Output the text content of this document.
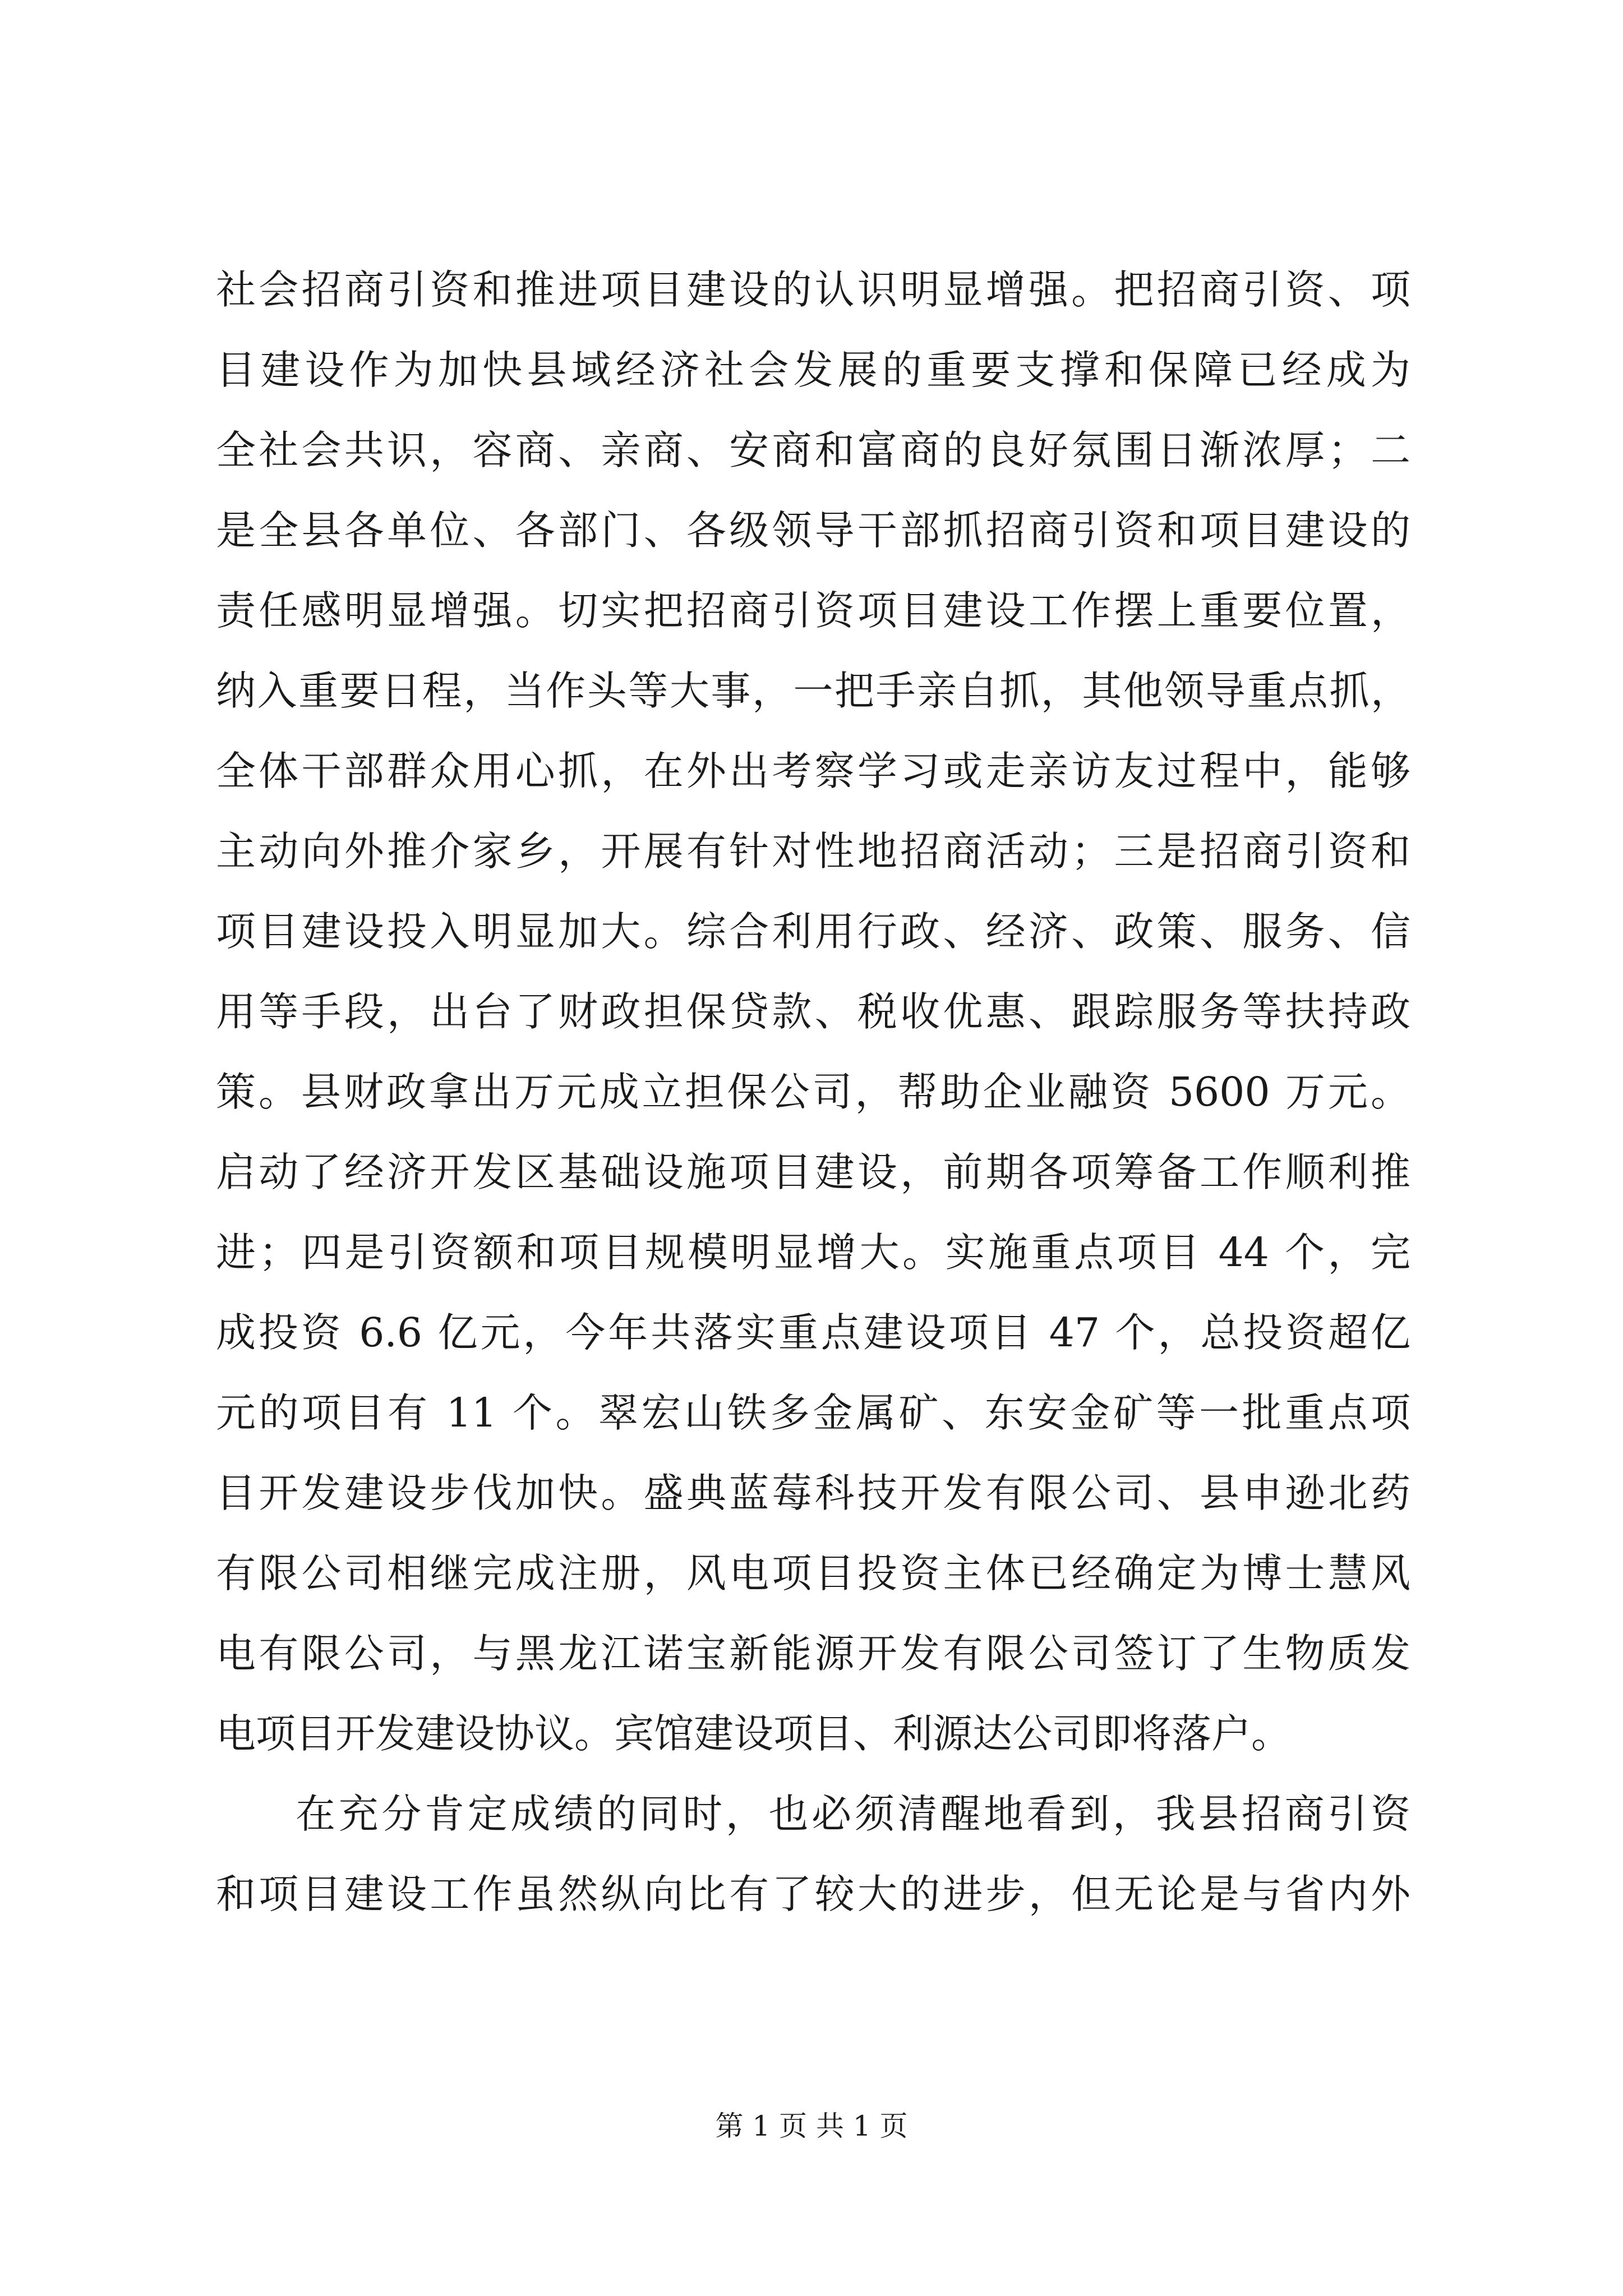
社会招商引资和推进项目建设的认识明显增强。把招商引资、项
目建设作为加快县域经济社会发展的重要支撑和保障已经成为
全社会共识，容商、亲商、安商和富商的良好氛围日渐浓厚；二
是全县各单位、各部门、各级领导干部抓招商引资和项目建设的
责任感明显增强。切实把招商引资项目建设工作摆上重要位置，
纳入重要日程，当作头等大事，一把手亲自抓，其他领导重点抓，
全体干部群众用心抓，在外出考察学习或走亲访友过程中，能够
主动向外推介家乡，开展有针对性地招商活动；三是招商引资和
项目建设投入明显加大。综合利用行政、经济、政策、服务、信
用等手段，出台了财政担保贷款、税收优惠、跟踪服务等扶持政
策。县财政拿出万元成立担保公司，帮助企业融资 5600 万元。
启动了经济开发区基础设施项目建设，前期各项筹备工作顺利推
进；四是引资额和项目规模明显增大。实施重点项目 44 个，完
成投资 6.6 亿元，今年共落实重点建设项目 47 个，总投资超亿
元的项目有 11 个。翠宏山铁多金属矿、东安金矿等一批重点项
目开发建设步伐加快。盛典蓝莓科技开发有限公司、县申逊北药
有限公司相继完成注册，风电项目投资主体已经确定为博士慧风
电有限公司，与黑龙江诺宝新能源开发有限公司签订了生物质发
电项目开发建设协议。宾馆建设项目、利源达公司即将落户。
在充分肯定成绩的同时，也必须清醒地看到，我县招商引资
和项目建设工作虽然纵向比有了较大的进步，但无论是与省内外
第 1 页 共 1 页
